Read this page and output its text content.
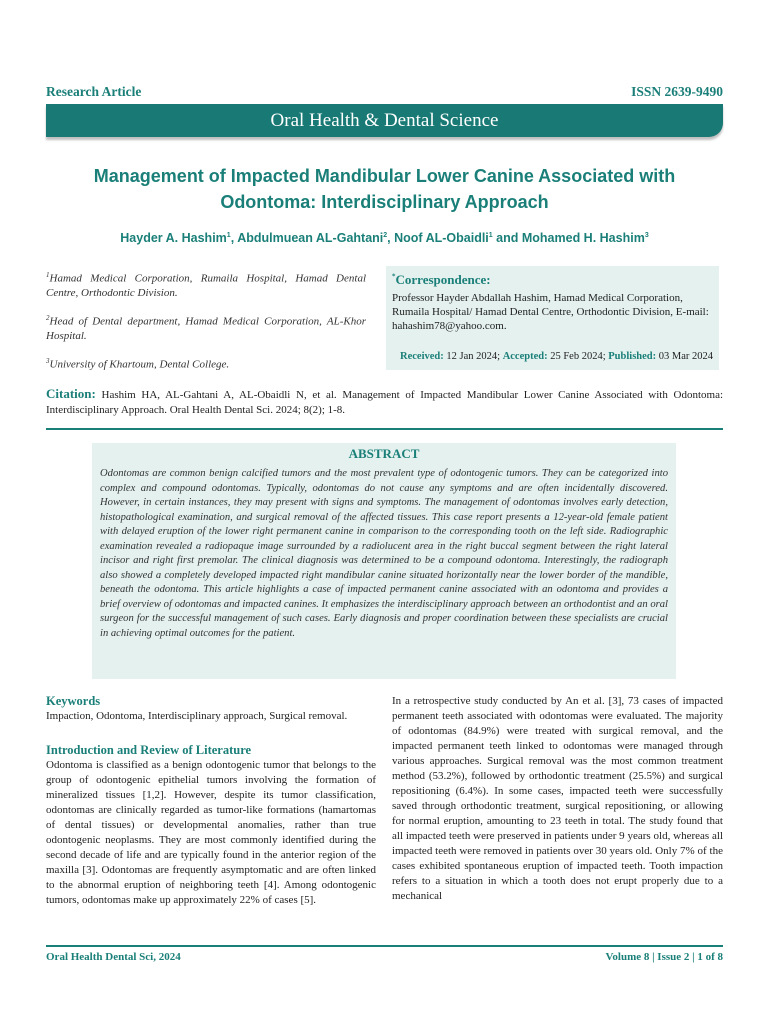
Research Article	ISSN 2639-9490
Oral Health & Dental Science
Management of Impacted Mandibular Lower Canine Associated with Odontoma: Interdisciplinary Approach
Hayder A. Hashim$^1$, Abdulmuean AL-Gahtani$^2$, Noof AL-Obaidli$^1$ and Mohamed H. Hashim$^3$
$^1$Hamad Medical Corporation, Rumaila Hospital, Hamad Dental Centre, Orthodontic Division.
$^2$Head of Dental department, Hamad Medical Corporation, AL-Khor Hospital.
$^3$University of Khartoum, Dental College.
*Correspondence:
Professor Hayder Abdallah Hashim, Hamad Medical Corporation, Rumaila Hospital/ Hamad Dental Centre, Orthodontic Division, E-mail: hahashim78@yahoo.com.
Received: 12 Jan 2024; Accepted: 25 Feb 2024; Published: 03 Mar 2024
Citation: Hashim HA, AL-Gahtani A, AL-Obaidli N, et al. Management of Impacted Mandibular Lower Canine Associated with Odontoma: Interdisciplinary Approach. Oral Health Dental Sci. 2024; 8(2); 1-8.
ABSTRACT
Odontomas are common benign calcified tumors and the most prevalent type of odontogenic tumors. They can be categorized into complex and compound odontomas. Typically, odontomas do not cause any symptoms and are often incidentally discovered. However, in certain instances, they may present with signs and symptoms. The management of odontomas involves early detection, histopathological examination, and surgical removal of the affected tissues. This case report presents a 12-year-old female patient with delayed eruption of the lower right permanent canine in comparison to the corresponding tooth on the left side. Radiographic examination revealed a radiopaque image surrounded by a radiolucent area in the right buccal segment between the right lateral incisor and right first premolar. The clinical diagnosis was determined to be a compound odontoma. Interestingly, the radiograph also showed a completely developed impacted right mandibular canine situated horizontally near the lower border of the mandible, beneath the odontoma. This article highlights a case of impacted permanent canine associated with an odontoma and provides a brief overview of odontomas and impacted canines. It emphasizes the interdisciplinary approach between an orthodontist and an oral surgeon for the successful management of such cases. Early diagnosis and proper coordination between these specialists are crucial in achieving optimal outcomes for the patient.
Keywords
Impaction, Odontoma, Interdisciplinary approach, Surgical removal.
Introduction and Review of Literature
Odontoma is classified as a benign odontogenic tumor that belongs to the group of odontogenic epithelial tumors involving the formation of mineralized tissues [1,2]. However, despite its tumor classification, odontomas are clinically regarded as tumor-like formations (hamartomas of dental tissues) or developmental anomalies, rather than true odontogenic neoplasms. They are most commonly identified during the second decade of life and are typically found in the anterior region of the maxilla [3]. Odontomas are frequently asymptomatic and are often linked to the abnormal eruption of neighboring teeth [4]. Among odontogenic tumors, odontomas make up approximately 22% of cases [5].
In a retrospective study conducted by An et al. [3], 73 cases of impacted permanent teeth associated with odontomas were evaluated. The majority of odontomas (84.9%) were treated with surgical removal, and the impacted permanent teeth linked to odontomas were managed through various approaches. Surgical removal was the most common treatment method (53.2%), followed by orthodontic treatment (25.5%) and surgical repositioning (6.4%). In some cases, impacted teeth were successfully saved through orthodontic treatment, surgical repositioning, or allowing for normal eruption, amounting to 23 teeth in total. The study found that all impacted teeth were preserved in patients under 9 years old, whereas all impacted teeth were removed in patients over 30 years old. Only 7% of the cases exhibited spontaneous eruption of impacted teeth. Tooth impaction refers to a situation in which a tooth does not erupt properly due to a mechanical
Oral Health Dental Sci, 2024	Volume 8 | Issue 2 | 1 of 8
